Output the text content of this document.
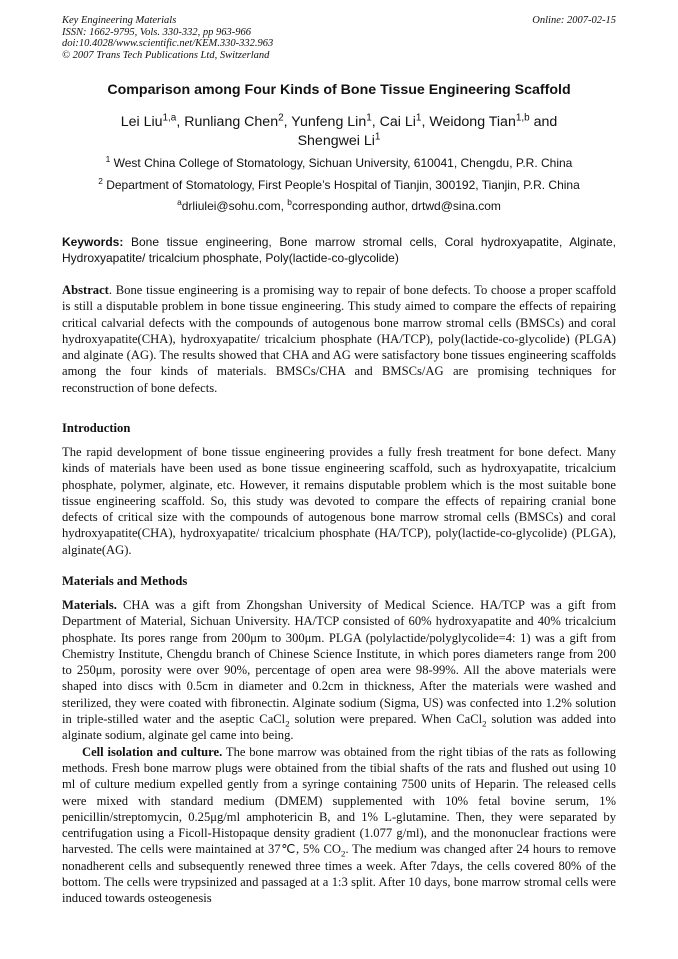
Key Engineering Materials
ISSN: 1662-9795, Vols. 330-332, pp 963-966
doi:10.4028/www.scientific.net/KEM.330-332.963
© 2007 Trans Tech Publications Ltd, Switzerland
Online: 2007-02-15
Comparison among Four Kinds of Bone Tissue Engineering Scaffold
Lei Liu$^{1,a}$, Runliang Chen$^2$, Yunfeng Lin$^1$, Cai Li$^1$, Weidong Tian$^{1,b}$ and
Shengwei Li$^1$
$^1$ West China College of Stomatology, Sichuan University, 610041, Chengdu, P.R. China
$^2$ Department of Stomatology, First People’s Hospital of Tianjin, 300192, Tianjin, P.R. China
$^a$drliulei@sohu.com, $^b$corresponding author, drtwd@sina.com
Keywords: Bone tissue engineering, Bone marrow stromal cells, Coral hydroxyapatite, Alginate, Hydroxyapatite/ tricalcium phosphate, Poly(lactide-co-glycolide)
Abstract. Bone tissue engineering is a promising way to repair of bone defects. To choose a proper scaffold is still a disputable problem in bone tissue engineering. This study aimed to compare the effects of repairing critical calvarial defects with the compounds of autogenous bone marrow stromal cells (BMSCs) and coral hydroxyapatite(CHA), hydroxyapatite/ tricalcium phosphate (HA/TCP), poly(lactide-co-glycolide) (PLGA) and alginate (AG). The results showed that CHA and AG were satisfactory bone tissues engineering scaffolds among the four kinds of materials. BMSCs/CHA and BMSCs/AG are promising techniques for reconstruction of bone defects.
Introduction
The rapid development of bone tissue engineering provides a fully fresh treatment for bone defect. Many kinds of materials have been used as bone tissue engineering scaffold, such as hydroxyapatite, tricalcium phosphate, polymer, alginate, etc. However, it remains disputable problem which is the most suitable bone tissue engineering scaffold. So, this study was devoted to compare the effects of repairing cranial bone defects of critical size with the compounds of autogenous bone marrow stromal cells (BMSCs) and coral hydroxyapatite(CHA), hydroxyapatite/ tricalcium phosphate (HA/TCP), poly(lactide-co-glycolide) (PLGA), alginate(AG).
Materials and Methods
Materials. CHA was a gift from Zhongshan University of Medical Science. HA/TCP was a gift from Department of Material, Sichuan University. HA/TCP consisted of 60% hydroxyapatite and 40% tricalcium phosphate. Its pores range from 200μm to 300μm. PLGA (polylactide/polyglycolide=4: 1) was a gift from Chemistry Institute, Chengdu branch of Chinese Science Institute, in which pores diameters range from 200 to 250μm, porosity were over 90%, percentage of open area were 98-99%. All the above materials were shaped into discs with 0.5cm in diameter and 0.2cm in thickness, After the materials were washed and sterilized, they were coated with fibronectin. Alginate sodium (Sigma, US) was confected into 1.2% solution in triple-stilled water and the aseptic CaCl$_2$ solution were prepared. When CaCl$_2$ solution was added into alginate sodium, alginate gel came into being.
Cell isolation and culture. The bone marrow was obtained from the right tibias of the rats as following methods. Fresh bone marrow plugs were obtained from the tibial shafts of the rats and flushed out using 10 ml of culture medium expelled gently from a syringe containing 7500 units of Heparin. The released cells were mixed with standard medium (DMEM) supplemented with 10% fetal bovine serum, 1% penicillin/streptomycin, 0.25μg/ml amphotericin B, and 1% L-glutamine. Then, they were separated by centrifugation using a Ficoll-Histopaque density gradient (1.077 g/ml), and the mononuclear fractions were harvested. The cells were maintained at 37℃, 5% $CO_2$. The medium was changed after 24 hours to remove nonadherent cells and subsequently renewed three times a week. After 7days, the cells covered 80% of the bottom. The cells were trypsinized and passaged at a 1:3 split. After 10 days, bone marrow stromal cells were induced towards osteogenesis
